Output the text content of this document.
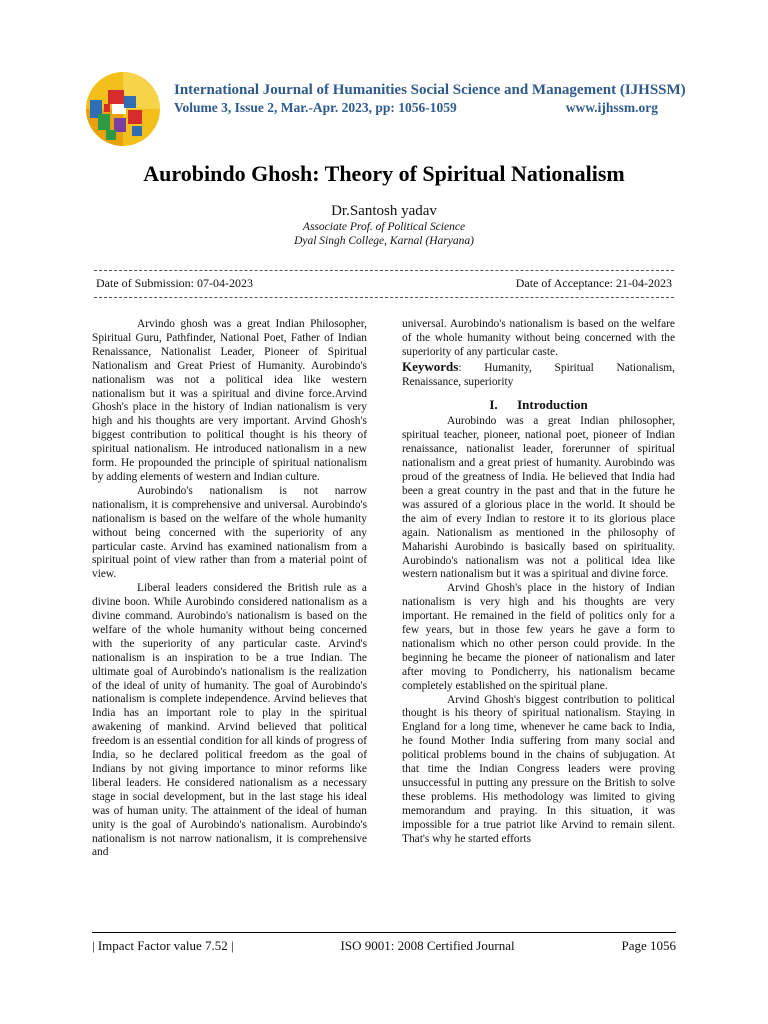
International Journal of Humanities Social Science and Management (IJHSSM)
Volume 3, Issue 2, Mar.-Apr. 2023, pp: 1056-1059	www.ijhssm.org
Aurobindo Ghosh: Theory of Spiritual Nationalism
Dr.Santosh yadav
Associate Prof. of Political Science
Dyal Singh College, Karnal (Haryana)
Date of Submission: 07-04-2023	Date of Acceptance: 21-04-2023

Arvindo ghosh was a great Indian Philosopher, Spiritual Guru, Pathfinder, National Poet, Father of Indian Renaissance, Nationalist Leader, Pioneer of Spiritual Nationalism and Great Priest of Humanity. Aurobindo's nationalism was not a political idea like western nationalism but it was a spiritual and divine force.Arvind Ghosh's place in the history of Indian nationalism is very high and his thoughts are very important. Arvind Ghosh's biggest contribution to political thought is his theory of spiritual nationalism. He introduced nationalism in a new form. He propounded the principle of spiritual nationalism by adding elements of western and Indian culture.

Aurobindo's nationalism is not narrow nationalism, it is comprehensive and universal. Aurobindo's nationalism is based on the welfare of the whole humanity without being concerned with the superiority of any particular caste. Arvind has examined nationalism from a spiritual point of view rather than from a material point of view.

Liberal leaders considered the British rule as a divine boon. While Aurobindo considered nationalism as a divine command. Aurobindo's nationalism is based on the welfare of the whole humanity without being concerned with the superiority of any particular caste. Arvind's nationalism is an inspiration to be a true Indian. The ultimate goal of Aurobindo's nationalism is the realization of the ideal of unity of humanity. The goal of Aurobindo's nationalism is complete independence. Arvind believes that India has an important role to play in the spiritual awakening of mankind. Arvind believed that political freedom is an essential condition for all kinds of progress of India, so he declared political freedom as the goal of Indians by not giving importance to minor reforms like liberal leaders. He considered nationalism as a necessary stage in social development, but in the last stage his ideal was of human unity. The attainment of the ideal of human unity is the goal of Aurobindo's nationalism. Aurobindo's nationalism is not narrow nationalism, it is comprehensive and

universal. Aurobindo's nationalism is based on the welfare of the whole humanity without being concerned with the superiority of any particular caste.

Keywords: Humanity, Spiritual Nationalism, Renaissance, superiority

I.      Introduction

Aurobindo was a great Indian philosopher, spiritual teacher, pioneer, national poet, pioneer of Indian renaissance, nationalist leader, forerunner of spiritual nationalism and a great priest of humanity. Aurobindo was proud of the greatness of India. He believed that India had been a great country in the past and that in the future he was assured of a glorious place in the world. It should be the aim of every Indian to restore it to its glorious place again. Nationalism as mentioned in the philosophy of Maharishi Aurobindo is basically based on spirituality. Aurobindo's nationalism was not a political idea like western nationalism but it was a spiritual and divine force.

Arvind Ghosh's place in the history of Indian nationalism is very high and his thoughts are very important. He remained in the field of politics only for a few years, but in those few years he gave a form to nationalism which no other person could provide. In the beginning he became the pioneer of nationalism and later after moving to Pondicherry, his nationalism became completely established on the spiritual plane.

Arvind Ghosh's biggest contribution to political thought is his theory of spiritual nationalism. Staying in England for a long time, whenever he came back to India, he found Mother India suffering from many social and political problems bound in the chains of subjugation. At that time the Indian Congress leaders were proving unsuccessful in putting any pressure on the British to solve these problems. His methodology was limited to giving memorandum and praying. In this situation, it was impossible for a true patriot like Arvind to remain silent. That's why he started efforts

| Impact Factor value 7.52 |	ISO 9001: 2008 Certified Journal	Page 1056
